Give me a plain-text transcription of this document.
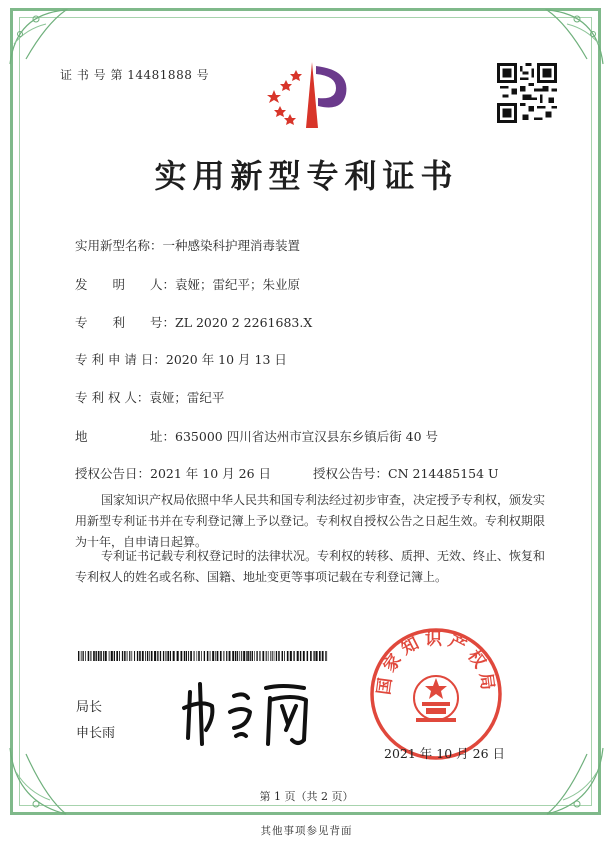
证 书 号 第 14481888 号
实用新型专利证书
实用新型名称：一种感染科护理消毒装置
发　　明　　人：袁娅；雷纪平；朱业原
专　　利　　号：ZL 2020 2 2261683.X
专 利 申 请 日：2020 年 10 月 13 日
专 利 权 人：袁娅；雷纪平
地　　　　　址：635000 四川省达州市宣汉县东乡镇后街 40 号
授权公告日：2021 年 10 月 26 日	授权公告号：CN 214485154 U
国家知识产权局依照中华人民共和国专利法经过初步审查，决定授予专利权，颁发实用新型专利证书并在专利登记簿上予以登记。专利权自授权公告之日起生效。专利权期限为十年，自申请日起算。
专利证书记载专利权登记时的法律状况。专利权的转移、质押、无效、终止、恢复和专利权人的姓名或名称、国籍、地址变更等事项记载在专利登记簿上。
局长
申长雨
国家知识产权局
2021 年 10 月 26 日
第 1 页（共 2 页）
其他事项参见背面
